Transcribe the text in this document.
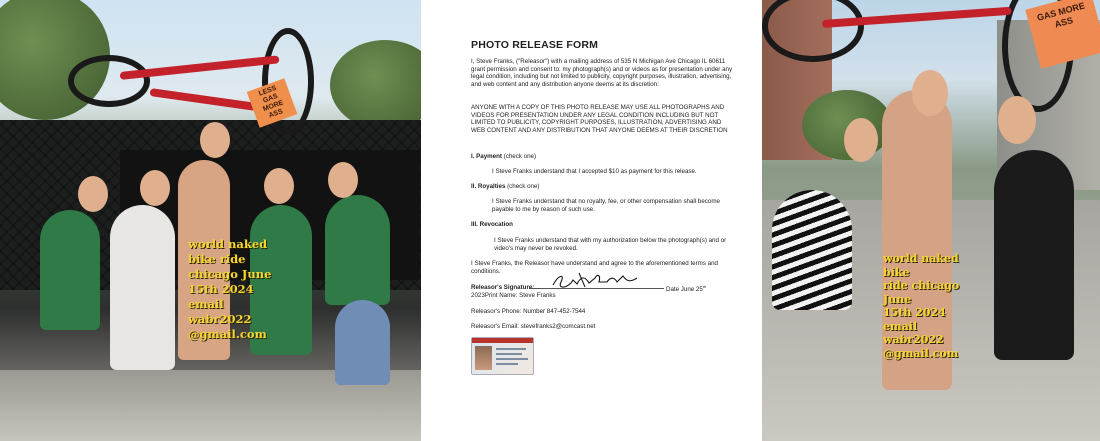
LESS GAS MORE ASS
world naked
bike ride
chicago June
15th 2024
email
wabr2022
@gmail.com
PHOTO RELEASE FORM
I, Steve Franks, ("Releasor") with a mailing address of 535 N Michigan Ave Chicago IL 60611 grant permission and consent to: my photograph(s) and or videos as for presentation under any legal condition, including but not limited to publicity, copyright purposes, illustration, advertising, and web content and any distribution anyone deems at its discretion:
ANYONE WITH A COPY OF THIS PHOTO RELEASE MAY USE ALL PHOTOGRAPHS AND VIDEOS FOR PRESENTATION UNDER ANY LEGAL CONDITION INCLUDING BUT NOT LIMITED TO PUBLICITY, COPYRIGHT PURPOSES, ILLUSTRATION, ADVERTISING AND WEB CONTENT AND ANY DISTRIBUTION THAT ANYONE DEEMS AT THEIR DISCRETION
I. Payment (check one)
I Steve Franks understand that I accepted $10 as payment for this release.
II. Royalties (check one)
I Steve Franks understand that no royalty, fee, or other compensation shall become payable to me by reason of such use.
III. Revocation
I Steve Franks understand that with my authorization below the photograph(s) and or video's may never be revoked.
I Steve Franks, the Releasor have understand and agree to the aforementioned terms and conditions.
Releasor's Signature:	Date June 25th
2023Print Name: Steve Franks
Releasor's Phone: Number 847-452-7544
Releasor's Email: stevefranks2@comcast.net
GAS MORE ASS
world naked bike
ride chicago June
15th 2024 email
wabr2022
@gmail.com
